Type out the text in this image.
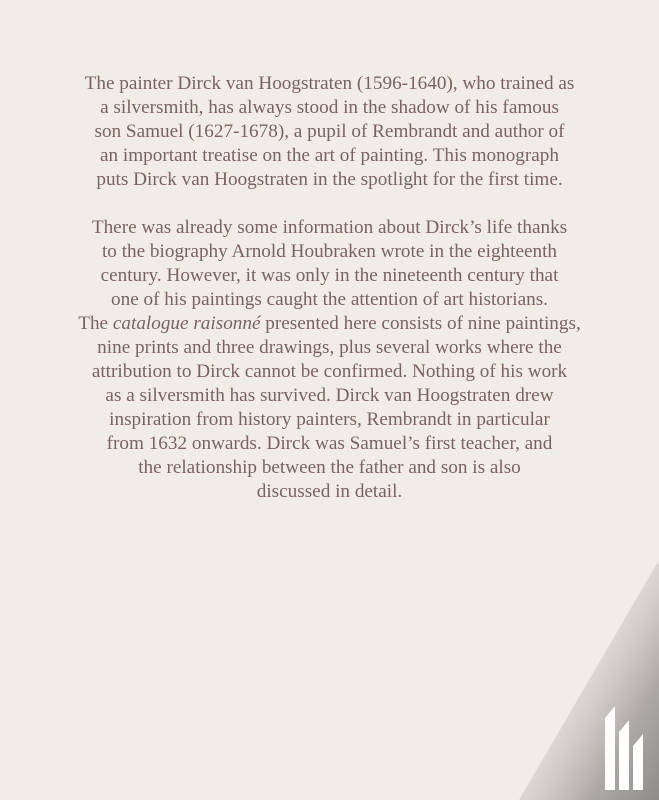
The painter Dirck van Hoogstraten (1596-1640), who trained as
a silversmith, has always stood in the shadow of his famous
son Samuel (1627-1678), a pupil of Rembrandt and author of
an important treatise on the art of painting. This monograph
puts Dirck van Hoogstraten in the spotlight for the first time.

There was already some information about Dirck’s life thanks
to the biography Arnold Houbraken wrote in the eighteenth
century. However, it was only in the nineteenth century that
one of his paintings caught the attention of art historians.
The catalogue raisonné presented here consists of nine paintings,
nine prints and three drawings, plus several works where the
attribution to Dirck cannot be confirmed. Nothing of his work
as a silversmith has survived. Dirck van Hoogstraten drew
inspiration from history painters, Rembrandt in particular
from 1632 onwards. Dirck was Samuel’s first teacher, and
the relationship between the father and son is also
discussed in detail.
